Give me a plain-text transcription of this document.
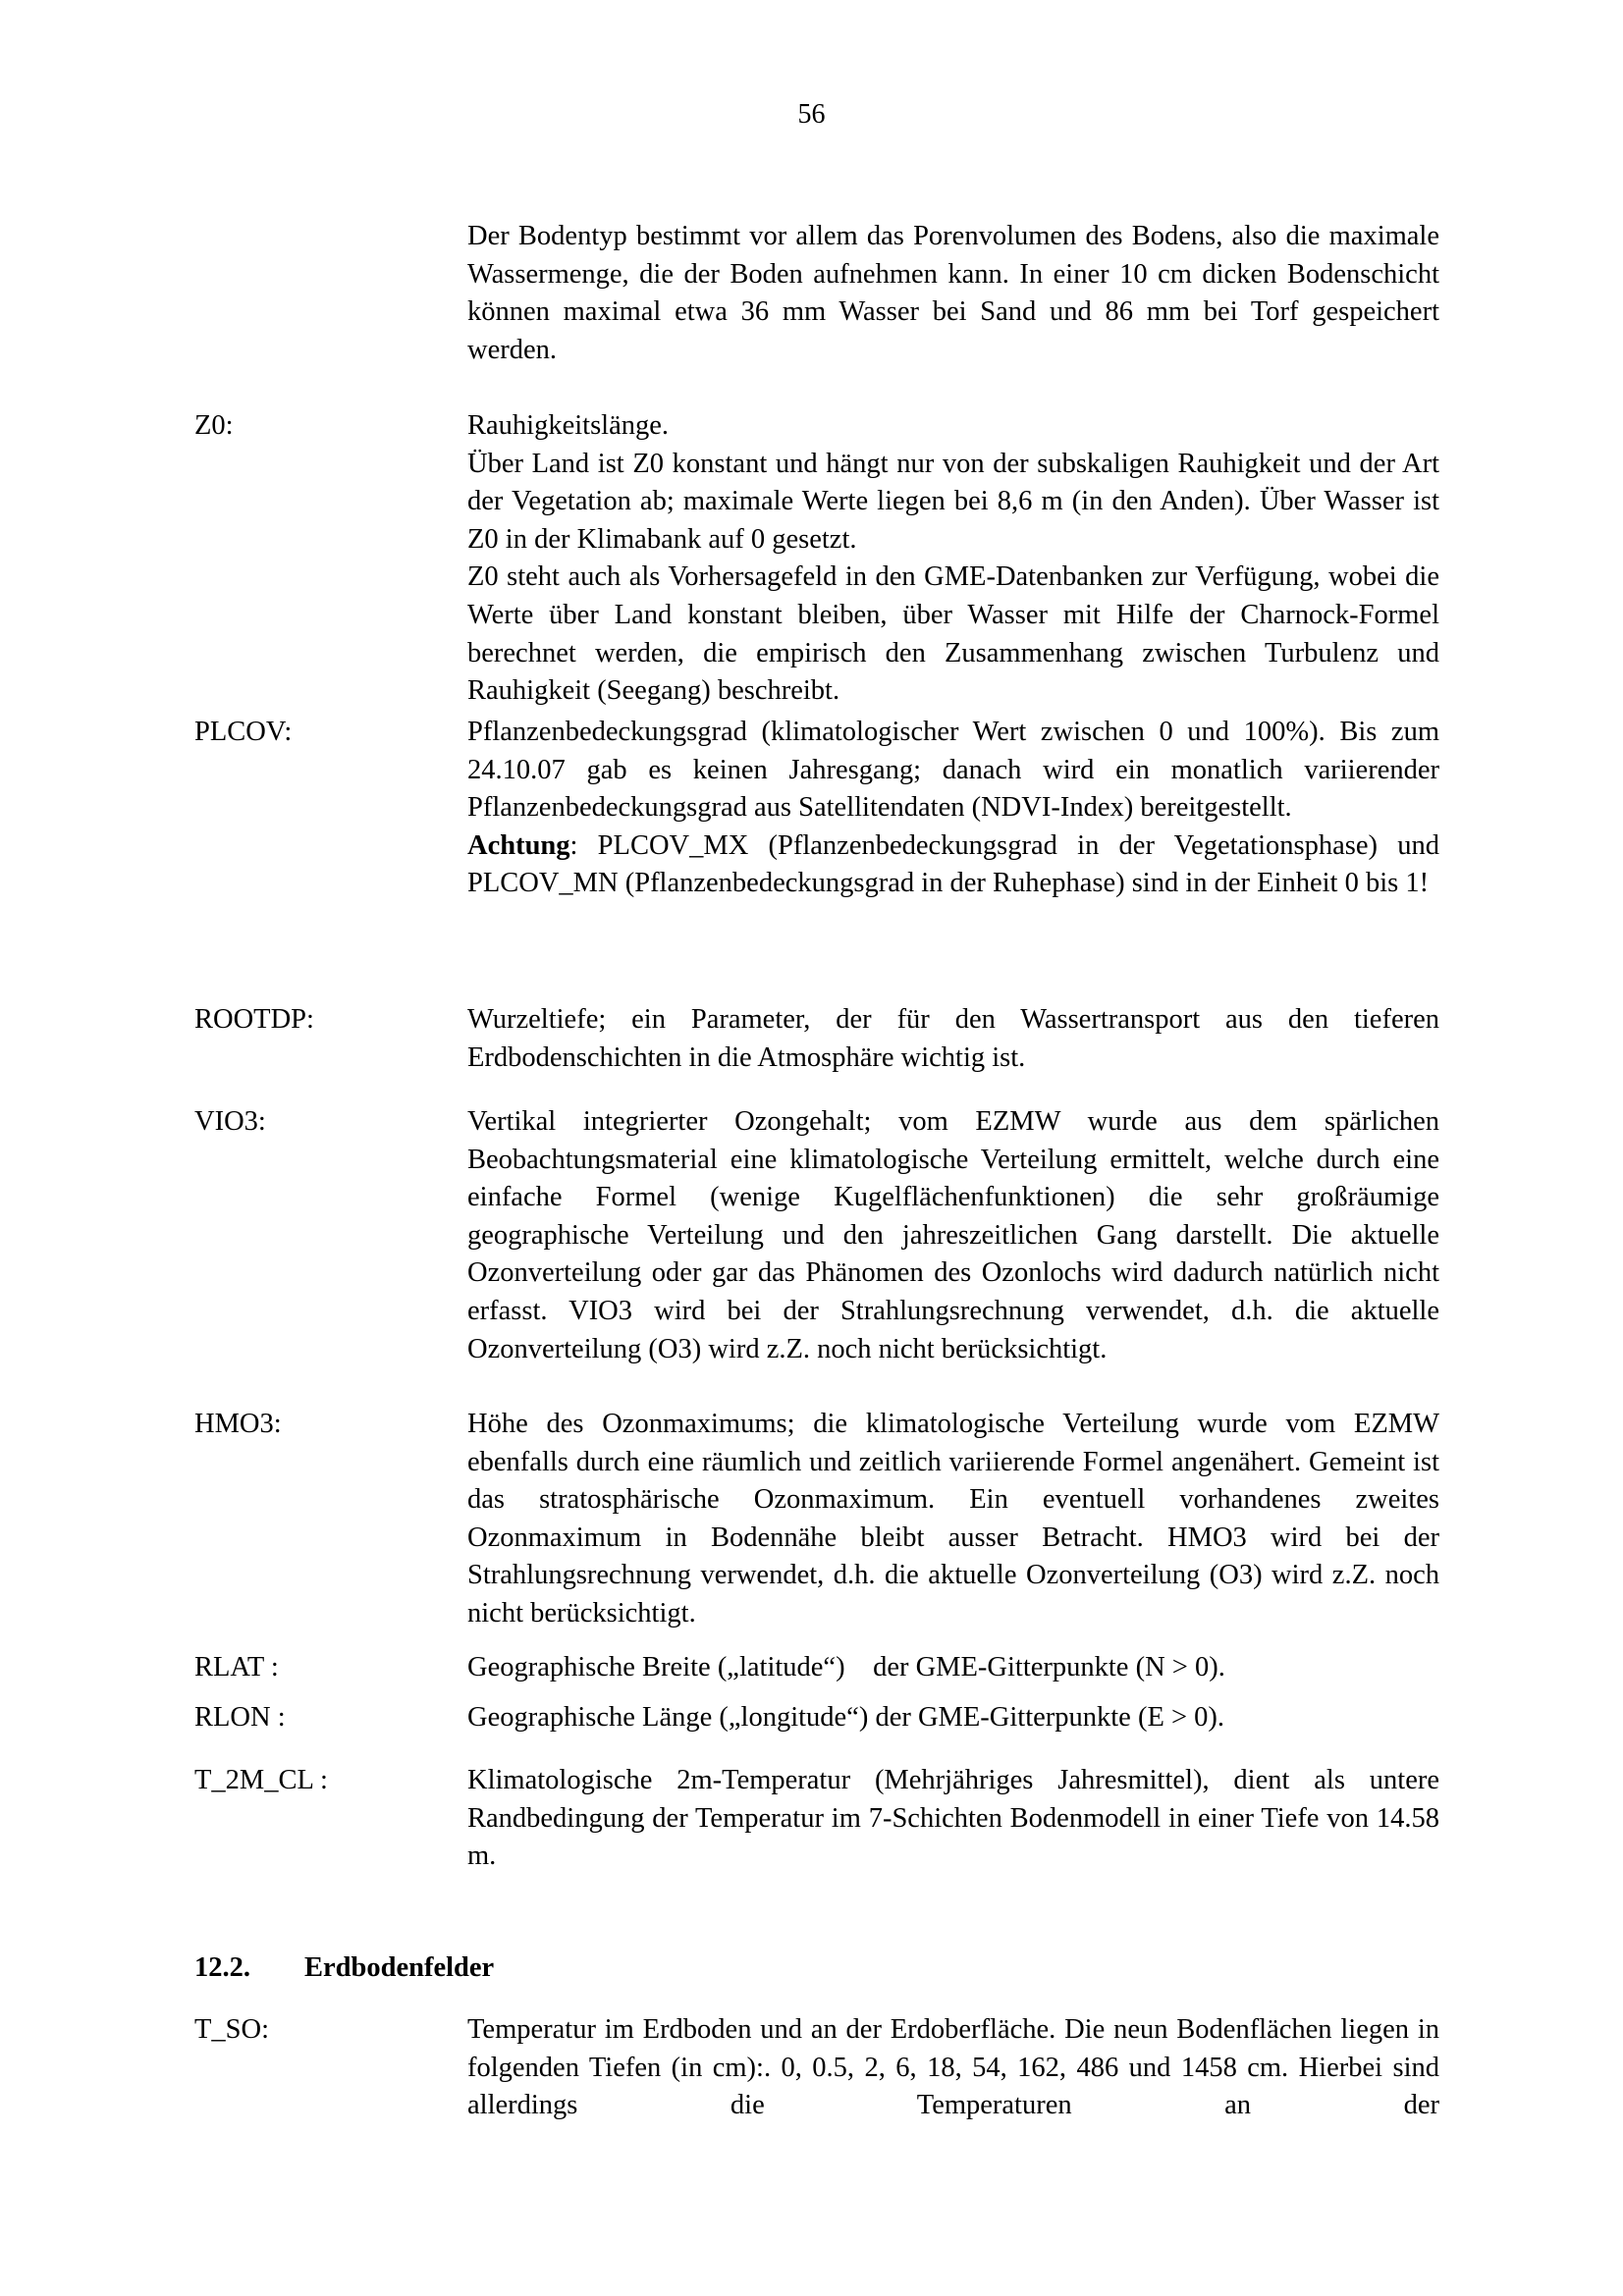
56
Der Bodentyp bestimmt vor allem das Porenvolumen des Bodens, also die maximale Wassermenge, die der Boden aufnehmen kann. In einer 10 cm dicken Bodenschicht können maximal etwa 36 mm Wasser bei Sand und 86 mm bei Torf gespeichert werden.
Z0:	Rauhigkeitslänge.

Über Land ist Z0 konstant und hängt nur von der subskaligen Rauhigkeit und der Art der Vegetation ab; maximale Werte liegen bei 8,6 m (in den Anden). Über Wasser ist Z0 in der Klimabank auf 0 gesetzt.

Z0 steht auch als Vorhersagefeld in den GME-Datenbanken zur Verfügung, wobei die Werte über Land konstant bleiben, über Wasser mit Hilfe der Charnock-Formel berechnet werden, die empirisch den Zusammenhang zwischen Turbulenz und Rauhigkeit (Seegang) beschreibt.

PLCOV:	Pflanzenbedeckungsgrad (klimatologischer Wert zwischen 0 und 100%). Bis zum 24.10.07 gab es keinen Jahresgang; danach wird ein monatlich variierender Pflanzenbedeckungsgrad aus Satellitendaten (NDVI-Index) bereitgestellt.

Achtung: PLCOV_MX (Pflanzenbedeckungsgrad in der Vegetationsphase) und PLCOV_MN (Pflanzenbedeckungsgrad in der Ruhephase) sind in der Einheit 0 bis 1!

ROOTDP:	Wurzeltiefe; ein Parameter, der für den Wassertransport aus den tieferen Erdbodenschichten in die Atmosphäre wichtig ist.
VIO3:	Vertikal integrierter Ozongehalt; vom EZMW wurde aus dem spärlichen Beobachtungsmaterial eine klimatologische Verteilung ermittelt, welche durch eine einfache Formel (wenige Kugelflächenfunktionen) die sehr großräumige geographische Verteilung und den jahreszeitlichen Gang darstellt. Die aktuelle Ozonverteilung oder gar das Phänomen des Ozonlochs wird dadurch natürlich nicht erfasst. VIO3 wird bei der Strahlungsrechnung verwendet, d.h. die aktuelle Ozonverteilung (O3) wird z.Z. noch nicht berücksichtigt.
HMO3:	Höhe des Ozonmaximums; die klimatologische Verteilung wurde vom EZMW ebenfalls durch eine räumlich und zeitlich variierende Formel angenähert. Gemeint ist das stratosphärische Ozonmaximum. Ein eventuell vorhandenes zweites Ozonmaximum in Bodennähe bleibt ausser Betracht. HMO3 wird bei der Strahlungsrechnung verwendet, d.h. die aktuelle Ozonverteilung (O3) wird z.Z. noch nicht berücksichtigt.
RLAT :	Geographische Breite („latitude“)    der GME-Gitterpunkte (N > 0).
RLON :	Geographische Länge („longitude“) der GME-Gitterpunkte (E > 0).
T_2M_CL :	Klimatologische 2m-Temperatur (Mehrjähriges Jahresmittel), dient als untere Randbedingung der Temperatur im 7-Schichten Bodenmodell in einer Tiefe von 14.58 m.
12.2. Erdbodenfelder
T_SO:	Temperatur im Erdboden und an der Erdoberfläche. Die neun Bodenflächen liegen in folgenden Tiefen (in cm):. 0, 0.5, 2, 6, 18, 54, 162, 486 und 1458 cm. Hierbei sind allerdings die Temperaturen an der
